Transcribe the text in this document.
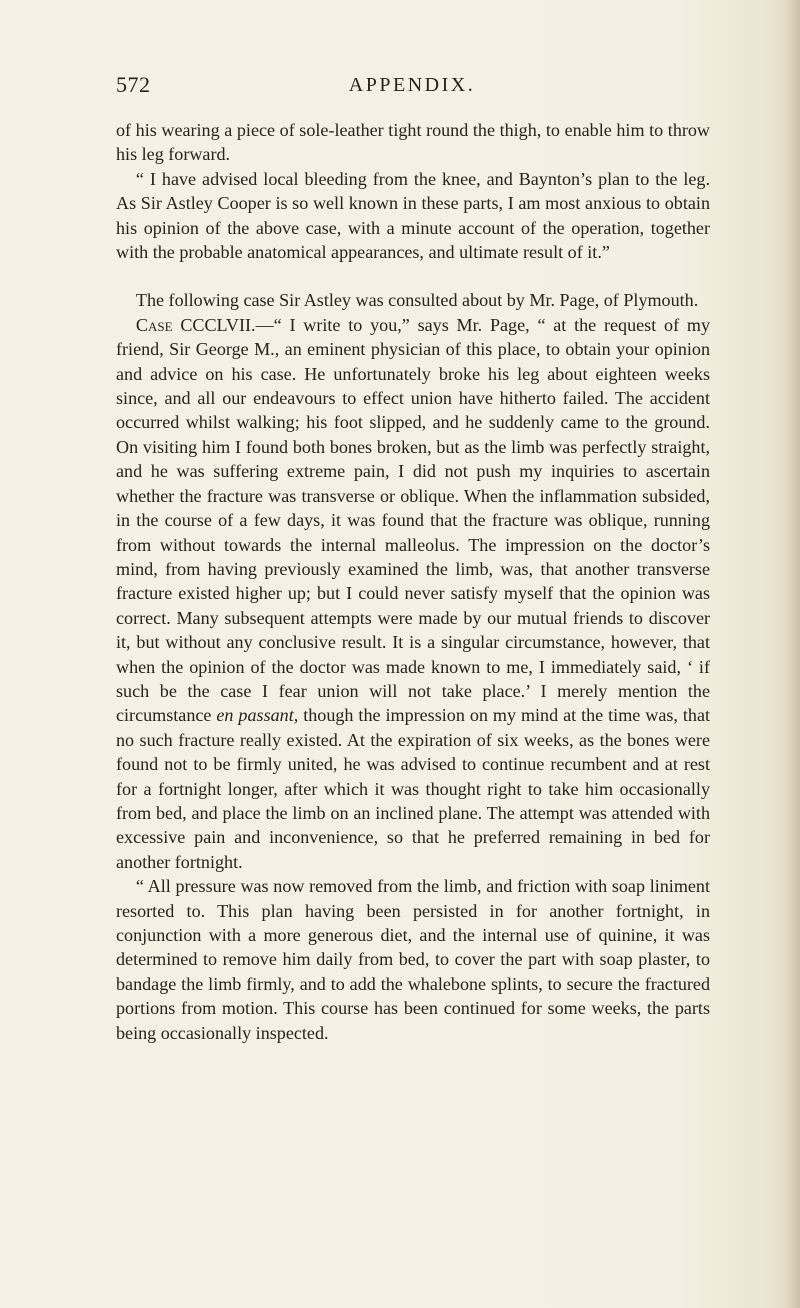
572	APPENDIX.

of his wearing a piece of sole-leather tight round the thigh, to enable him to throw his leg forward.

“ I have advised local bleeding from the knee, and Baynton’s plan to the leg. As Sir Astley Cooper is so well known in these parts, I am most anxious to obtain his opinion of the above case, with a minute account of the operation, together with the probable anatomical appearances, and ultimate result of it.”

The following case Sir Astley was consulted about by Mr. Page, of Plymouth.

Case CCCLVII.—“ I write to you,” says Mr. Page, “ at the request of my friend, Sir George M., an eminent physician of this place, to obtain your opinion and advice on his case. He unfortunately broke his leg about eighteen weeks since, and all our endeavours to effect union have hitherto failed. The accident occurred whilst walking; his foot slipped, and he suddenly came to the ground. On visiting him I found both bones broken, but as the limb was perfectly straight, and he was suffering extreme pain, I did not push my inquiries to ascertain whether the fracture was transverse or oblique. When the inflammation subsided, in the course of a few days, it was found that the fracture was oblique, running from without towards the internal malleolus. The impression on the doctor’s mind, from having previously examined the limb, was, that another transverse fracture existed higher up; but I could never satisfy myself that the opinion was correct. Many subsequent attempts were made by our mutual friends to discover it, but without any conclusive result. It is a singular circumstance, however, that when the opinion of the doctor was made known to me, I immediately said, ‘ if such be the case I fear union will not take place.’ I merely mention the circumstance en passant, though the impression on my mind at the time was, that no such fracture really existed. At the expiration of six weeks, as the bones were found not to be firmly united, he was advised to continue recumbent and at rest for a fortnight longer, after which it was thought right to take him occasionally from bed, and place the limb on an inclined plane. The attempt was attended with excessive pain and inconvenience, so that he preferred remaining in bed for another fortnight.

“ All pressure was now removed from the limb, and friction with soap liniment resorted to. This plan having been persisted in for another fortnight, in conjunction with a more generous diet, and the internal use of quinine, it was determined to remove him daily from bed, to cover the part with soap plaster, to bandage the limb firmly, and to add the whalebone splints, to secure the fractured portions from motion. This course has been continued for some weeks, the parts being occasionally inspected.
